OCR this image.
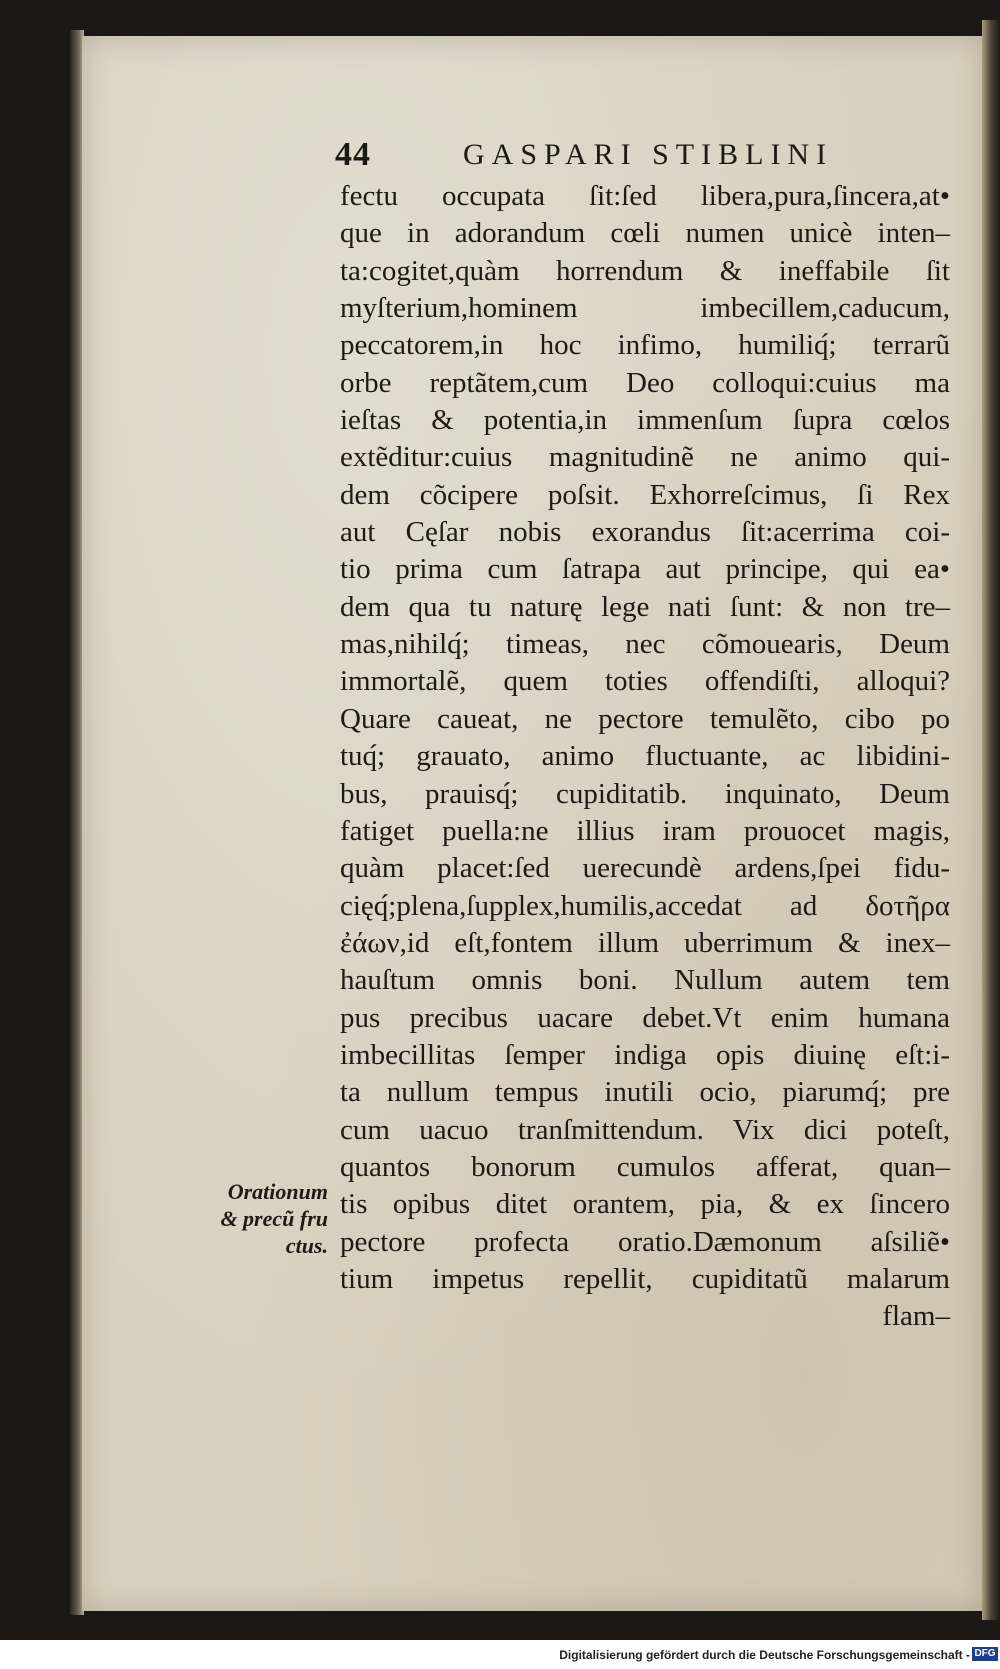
44	GASPARI STIBLINI
fectu occupata ſit:ſed libera,pura,ſincera,at•
que in adorandum cœli numen unicè inten–
ta:cogitet,quàm horrendum & ineffabile ſit
myſterium,hominem imbecillem,caducum,
peccatorem,in hoc infimo, humiliq́; terrarũ
orbe reptãtem,cum Deo colloqui:cuius ma
ieſtas & potentia,in immenſum ſupra cœlos
extẽditur:cuius magnitudinẽ ne animo qui-
dem cõcipere poſsit. Exhorreſcimus, ſi Rex
aut Cęſar nobis exorandus ſit:acerrima coi-
tio prima cum ſatrapa aut principe, qui ea•
dem qua tu naturę lege nati ſunt: & non tre–
mas,nihilq́; timeas, nec cõmouearis, Deum
immortalẽ, quem toties offendiſti, alloqui?
Quare caueat, ne pectore temulẽto, cibo po
tuq́; grauato, animo fluctuante, ac libidini-
bus, prauisq́; cupiditatib. inquinato, Deum
fatiget puella:ne illius iram prouocet magis,
quàm placet:ſed uerecundè ardens,ſpei fidu-
cięq́;plena,ſupplex,humilis,accedat ad δοτῆρα
ἐάων,id eſt,fontem illum uberrimum & inex–
hauſtum omnis boni. Nullum autem tem
pus precibus uacare debet.Vt enim humana
imbecillitas ſemper indiga opis diuinę eſt:i-
ta nullum tempus inutili ocio, piarumq́; pre
cum uacuo tranſmittendum. Vix dici poteſt,
quantos bonorum cumulos afferat, quan–
tis opibus ditet orantem, pia, & ex ſincero
pectore profecta oratio.Dæmonum aſsiliẽ•
tium impetus repellit, cupiditatũ malarum
flam–
Orationum
& precũ fru
ctus.
Digitalisierung gefördert durch die Deutsche Forschungsgemeinschaft - DFG
